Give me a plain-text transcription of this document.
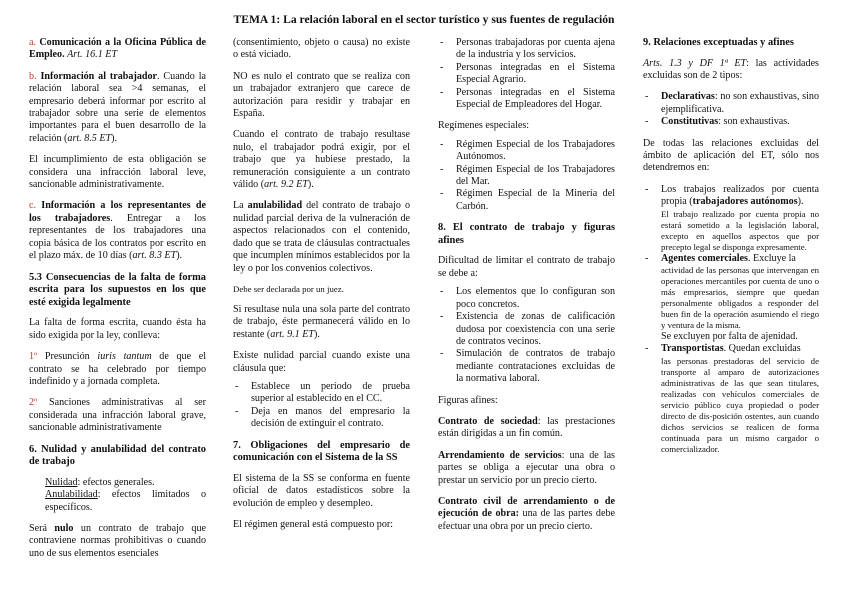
TEMA 1: La relación laboral en el sector turístico y sus fuentes de regulación

a. Comunicación a la Oficina Pública de Empleo. Art. 16.1 ET

b. Información al trabajador. Cuando la relación laboral sea >4 semanas, el empresario deberá informar por escrito al trabajador sobre una serie de elementos importantes para el buen desarrollo de la relación (art. 8.5 ET).

El incumplimiento de esta obligación se considera una infracción laboral leve, sancionable administrativamente.

c. Información a los representantes de los trabajadores. Entregar a los representantes de los trabajadores una copia básica de los contratos por escrito en el plazo máx. de 10 días (art. 8.3 ET).

5.3 Consecuencias de la falta de forma escrita para los supuestos en los que esté exigida legalmente

La falta de forma escrita, cuando ésta ha sido exigida por la ley, conlleva:

1º Presunción iuris tantum de que el contrato se ha celebrado por tiempo indefinido y a jornada completa.

2º Sanciones administrativas al ser considerada una infracción laboral grave, sancionable administrativamente

6. Nulidad y anulabilidad del contrato de trabajo
Nulidad: efectos generales.
Anulabilidad: efectos limitados o específicos.

Será nulo un contrato de trabajo que contraviene normas prohibitivas o cuando uno de sus elementos esenciales

(consentimiento, objeto o causa) no existe o está viciado.

NO es nulo el contrato que se realiza con un trabajador extranjero que carece de autorización para residir y trabajar en España.

Cuando el contrato de trabajo resultase nulo, el trabajador podrá exigir, por el trabajo que ya hubiese prestado, la remuneración consiguiente a un contrato válido (art. 9.2 ET).

La anulabilidad del contrato de trabajo o nulidad parcial deriva de la vulneración de aspectos relacionados con el contenido, dado que se trata de cláusulas contractuales que incumplen mínimos establecidos por la ley o por los convenios colectivos.

Debe ser declarada por un juez.

Si resultase nula una sola parte del contrato de trabajo, éste permanecerá válido en lo restante (art. 9.1 ET).

Existe nulidad parcial cuando existe una cláusula que:

- Establece un período de prueba superior al establecido en el CC.
- Deja en manos del empresario la decisión de extinguir el contrato.
7. Obligaciones del empresario de comunicación con el Sistema de la SS

El sistema de la SS se conforma en fuente oficial de datos estadísticos sobre la evolución de empleo y desempleo.

El régimen general está compuesto por:

- Personas trabajadoras por cuenta ajena de la industria y los servicios.
- Personas integradas en el Sistema Especial Agrario.
- Personas integradas en el Sistema Especial de Empleadores del Hogar.

Regímenes especiales:

- Régimen Especial de los Trabajadores Autónomos.
- Régimen Especial de los Trabajadores del Mar.
- Régimen Especial de la Minería del Carbón.
8. El contrato de trabajo y figuras afines

Dificultad de limitar el contrato de trabajo se debe a:

- Los elementos que lo configuran son poco concretos.
- Existencia de zonas de calificación dudosa por coexistencia con una serie de contratos vecinos.
- Simulación de contratos de trabajo mediante contrataciones excluidas de la normativa laboral.

Figuras afines:

Contrato de sociedad: las prestaciones están dirigidas a un fin común.

Arrendamiento de servicios: una de las partes se obliga a ejecutar una obra o prestar un servicio por un precio cierto.

Contrato civil de arrendamiento o de ejecución de obra: una de las partes debe efectuar una obra por un precio cierto.

9. Relaciones exceptuadas y afines

Arts. 1.3 y DF 1ª ET: las actividades excluidas son de 2 tipos:

- Declarativas: no son exhaustivas, sino ejemplificativa.
- Constitutivas: son exhaustivas.

De todas las relaciones excluidas del ámbito de aplicación del ET, sólo nos detendremos en:

- Los trabajos realizados por cuenta propia (trabajadores autónomos).
El trabajo realizado por cuenta propia no estará sometido a la legislación laboral, excepto en aquellos aspectos que por precepto legal se disponga expresamente.
- Agentes comerciales. Excluye la
actividad de las personas que intervengan en operaciones mercantiles por cuenta de uno o más empresarios, siempre que quedan personalmente obligados a responder del buen fin de la operación asumiendo el riego y ventura de la misma.
Se excluyen por falta de ajenidad.
- Transportistas. Quedan excluidas
las personas prestadoras del servicio de transporte al amparo de autorizaciones administrativas de las que sean titulares, realizadas con vehículos comerciales de servicio público cuya propiedad o poder directo de dis-posición ostentes, aun cuando dichos servicios se realicen de forma continuada para un mismo cargador o comercializador.
